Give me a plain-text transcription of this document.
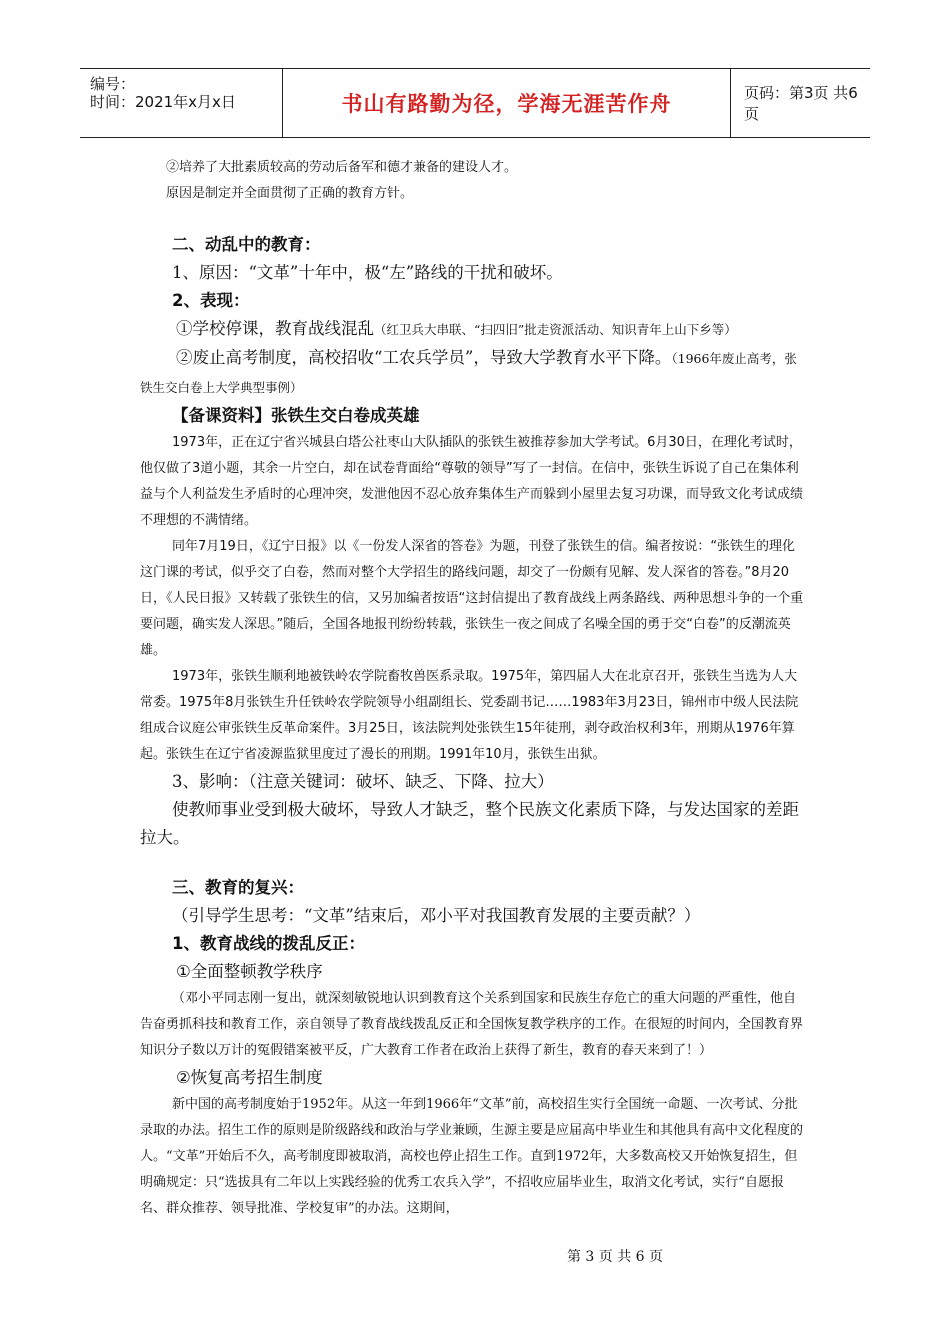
编号：
时间：2021年x月x日	书山有路勤为径，学海无涯苦作舟	页码：第3页 共6页

②培养了大批素质较高的劳动后备军和德才兼备的建设人才。

原因是制定并全面贯彻了正确的教育方针。

二、动乱中的教育：

1、原因：“文革”十年中，极“左”路线的干扰和破坏。

2、表现：

①学校停课，教育战线混乱（红卫兵大串联、“扫四旧”批走资派活动、知识青年上山下乡等）

②废止高考制度，高校招收“工农兵学员”，导致大学教育水平下降。（1966年废止高考，张铁生交白卷上大学典型事例）

【备课资料】张铁生交白卷成英雄

1973年，正在辽宁省兴城县白塔公社枣山大队插队的张铁生被推荐参加大学考试。6月30日，在理化考试时，他仅做了3道小题，其余一片空白，却在试卷背面给“尊敬的领导”写了一封信。在信中，张铁生诉说了自己在集体利益与个人利益发生矛盾时的心理冲突，发泄他因不忍心放弃集体生产而躲到小屋里去复习功课，而导致文化考试成绩不理想的不满情绪。

同年7月19日，《辽宁日报》以《一份发人深省的答卷》为题，刊登了张铁生的信。编者按说：“张铁生的理化这门课的考试，似乎交了白卷，然而对整个大学招生的路线问题，却交了一份颇有见解、发人深省的答卷。”8月20日，《人民日报》又转载了张铁生的信，又另加编者按语“这封信提出了教育战线上两条路线、两种思想斗争的一个重要问题，确实发人深思。”随后，全国各地报刊纷纷转载，张铁生一夜之间成了名噪全国的勇于交“白卷”的反潮流英雄。

1973年，张铁生顺利地被铁岭农学院畜牧兽医系录取。1975年，第四届人大在北京召开，张铁生当选为人大常委。1975年8月张铁生升任铁岭农学院领导小组副组长、党委副书记……1983年3月23日，锦州市中级人民法院组成合议庭公审张铁生反革命案件。3月25日，该法院判处张铁生15年徒刑，剥夺政治权利3年，刑期从1976年算起。张铁生在辽宁省凌源监狱里度过了漫长的刑期。1991年10月，张铁生出狱。

3、影响：（注意关键词：破坏、缺乏、下降、拉大）

使教师事业受到极大破坏，导致人才缺乏，整个民族文化素质下降，与发达国家的差距拉大。

三、教育的复兴：

（引导学生思考：“文革”结束后，邓小平对我国教育发展的主要贡献？）

1、教育战线的拨乱反正：

①全面整顿教学秩序

（邓小平同志刚一复出，就深刻敏锐地认识到教育这个关系到国家和民族生存危亡的重大问题的严重性，他自告奋勇抓科技和教育工作，亲自领导了教育战线拨乱反正和全国恢复教学秩序的工作。在很短的时间内，全国教育界知识分子数以万计的冤假错案被平反，广大教育工作者在政治上获得了新生，教育的春天来到了！）

②恢复高考招生制度

新中国的高考制度始于1952年。从这一年到1966年“文革”前，高校招生实行全国统一命题、一次考试、分批录取的办法。招生工作的原则是阶级路线和政治与学业兼顾，生源主要是应届高中毕业生和其他具有高中文化程度的人。“文革”开始后不久，高考制度即被取消，高校也停止招生工作。直到1972年，大多数高校又开始恢复招生，但明确规定：只“选拔具有二年以上实践经验的优秀工农兵入学”，不招收应届毕业生，取消文化考试，实行“自愿报名、群众推荐、领导批准、学校复审”的办法。这期间，

第 3 页 共 6 页
